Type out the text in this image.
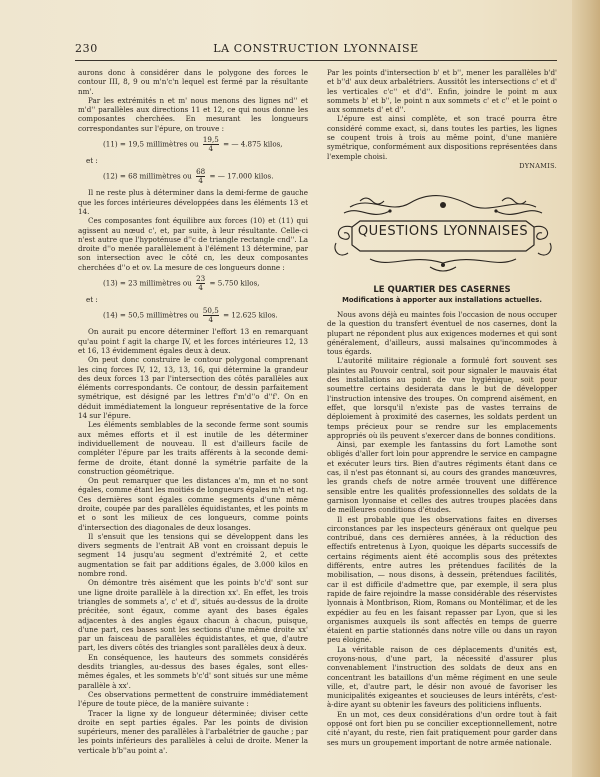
230	LA CONSTRUCTION LYONNAISE

aurons donc à considérer dans le polygone des forces le contour III, 8, 9 ou m'n'c'n lequel est fermé par la résultante nm'.

Par les extrémités n et m' nous menons des lignes nd'' et m'd'' parallèles aux directions 11 et 12, ce qui nous donne les composantes cherchées. En mesurant les longueurs correspondantes sur l'épure, on trouve :

(11) = 19,5 millimètres ou $\frac{19,5}{4}$ = — 4.875 kilos,

et :

(12) = 68 millimètres ou $\frac{68}{4}$ = — 17.000 kilos.

Il ne reste plus à déterminer dans la demi-ferme de gauche que les forces intérieures développées dans les éléments 13 et 14.

Ces composantes font équilibre aux forces (10) et (11) qui agissent au nœud c', et, par suite, à leur résultante. Celle-ci n'est autre que l'hypoténuse d''c de triangle rectangle cnd''. La droite d''o menée parallèlement à l'élément 13 détermine, par son intersection avec le côté cn, les deux composantes cherchées d''o et ov. La mesure de ces longueurs donne :

(13) = 23 millimètres ou $\frac{23}{4} = 5.750$ kilos,

et :

(14) = 50,5 millimètres ou $\frac{50,5}{4} = 12.625$ kilos.

On aurait pu encore déterminer l'effort 13 en remarquant qu'au point f agit la charge IV, et les forces intérieures 12, 13 et 16, 13 évidemment égales deux à deux.

On peut donc construire le contour polygonal comprenant les cinq forces IV, 12, 13, 13, 16, qui détermine la grandeur des deux forces 13 par l'intersection des côtés parallèles aux éléments correspondants. Ce contour, de dessin parfaitement symétrique, est désigné par les lettres f'm'd''o d''f'. On en déduit immédiatement la longueur représentative de la force 14 sur l'épure.

Les éléments semblables de la seconde ferme sont soumis aux mêmes efforts et il est inutile de les déterminer individuellement de nouveau. Il est d'ailleurs facile de compléter l'épure par les traits afférents à la seconde demi-ferme de droite, étant donné la symétrie parfaite de la construction géométrique.

On peut remarquer que les distances a'm, mn et no sont égales, comme étant les moitiés de longueurs égales m'n et ng. Ces dernières sont égales comme segments d'une même droite, coupée par des parallèles équidistantes, et les points m et o sont les milieux de ces longueurs, comme points d'intersection des diagonales de deux losanges.

Il s'ensuit que les tensions qui se développent dans les divers segments de l'entrait AB vont en croissant depuis le segment 14 jusqu'au segment d'extrémité 2, et cette augmentation se fait par additions égales, de 3.000 kilos en nombre rond.

On démontre très aisément que les points b'c'd' sont sur une ligne droite parallèle à la direction xx'. En effet, les trois triangles de sommets a', c' et d', situés au-dessus de la droite précitée, sont égaux, comme ayant des bases égales adjacentes à des angles égaux chacun à chacun, puisque, d'une part, ces bases sont les sections d'une même droite xx' par un faisceau de parallèles équidistantes, et que, d'autre part, les divers côtés des triangles sont parallèles deux à deux.

En conséquence, les hauteurs des sommets considérés desdits triangles, au-dessus des bases égales, sont elles-mêmes égales, et les sommets b'c'd' sont situés sur une même parallèle à xx'.

Ces observations permettent de construire immédiatement l'épure de toute pièce, de la manière suivante :

Tracer la ligne xy de longueur déterminée; diviser cette droite en sept parties égales. Par les points de division supérieurs, mener des parallèles à l'arbalétrier de gauche ; par les points inférieurs des parallèles à celui de droite. Mener la verticale b'b''au point a'.

Par les points d'intersection b' et b'', mener les parallèles b'd' et b''d' aux deux arbalétriers. Aussitôt les intersections c' et d' les verticales c'c'' et d'd''. Enfin, joindre le point m aux sommets b' et b'', le point n aux sommets c' et c'' et le point o aux sommets d' et d''.

L'épure est ainsi complète, et son tracé pourra être considéré comme exact, si, dans toutes les parties, les lignes se coupent trois à trois au même point, d'une manière symétrique, conformément aux dispositions représentées dans l'exemple choisi.

DYNAMIS.
QUESTIONS LYONNAISES
LE QUARTIER DES CASERNES
Modifications à apporter aux installations actuelles.

Nous avons déjà eu maintes fois l'occasion de nous occuper de la question du transfert éventuel de nos casernes, dont la plupart ne répondent plus aux exigences modernes et qui sont généralement, d'ailleurs, aussi malsaines qu'incommodes à tous égards.

L'autorité militaire régionale a formulé fort souvent ses plaintes au Pouvoir central, soit pour signaler le mauvais état des installations au point de vue hygiénique, soit pour soumettre certains desiderata dans le but de développer l'instruction intensive des troupes. On comprend aisément, en effet, que lorsqu'il n'existe pas de vastes terrains de déploiement à proximité des casernes, les soldats perdent un temps précieux pour se rendre sur les emplacements appropriés où ils peuvent s'exercer dans de bonnes conditions.

Ainsi, par exemple les fantassins du fort Lamothe sont obligés d'aller fort loin pour apprendre le service en campagne et exécuter leurs tirs. Bien d'autres régiments étant dans ce cas, il n'est pas étonnant si, au cours des grandes manœuvres, les grands chefs de notre armée trouvent une différence sensible entre les qualités professionnelles des soldats de la garnison lyonnaise et celles des autres troupes placées dans de meilleures conditions d'études.

Il est probable que les observations faites en diverses circonstances par les inspecteurs généraux ont quelque peu contribué, dans ces dernières années, à la réduction des effectifs entretenus à Lyon, quoique les départs successifs de certains régiments aient été accomplis sous des prétextes différents, entre autres les prétendues facilités de la mobilisation, — nous disons, à dessein, prétendues facilités, car il est difficile d'admettre que, par exemple, il sera plus rapide de faire rejoindre la masse considérable des réservistes lyonnais à Montbrison, Riom, Romans ou Montélimar, et de les expédier au feu en les faisant repasser par Lyon, que si les organismes auxquels ils sont affectés en temps de guerre étaient en partie stationnés dans notre ville ou dans un rayon peu éloigné.

La véritable raison de ces déplacements d'unités est, croyons-nous, d'une part, la nécessité d'assurer plus convenablement l'instruction des soldats de deux ans en concentrant les bataillons d'un même régiment en une seule ville, et, d'autre part, le désir non avoué de favoriser les municipalités exigeantes et soucieuses de leurs intérêts, c'est-à-dire ayant su obtenir les faveurs des politiciens influents.

En un mot, ces deux considérations d'un ordre tout à fait opposé ont fort bien pu se concilier exceptionnellement, notre cité n'ayant, du reste, rien fait pratiquement pour garder dans ses murs un groupement important de notre armée nationale.
